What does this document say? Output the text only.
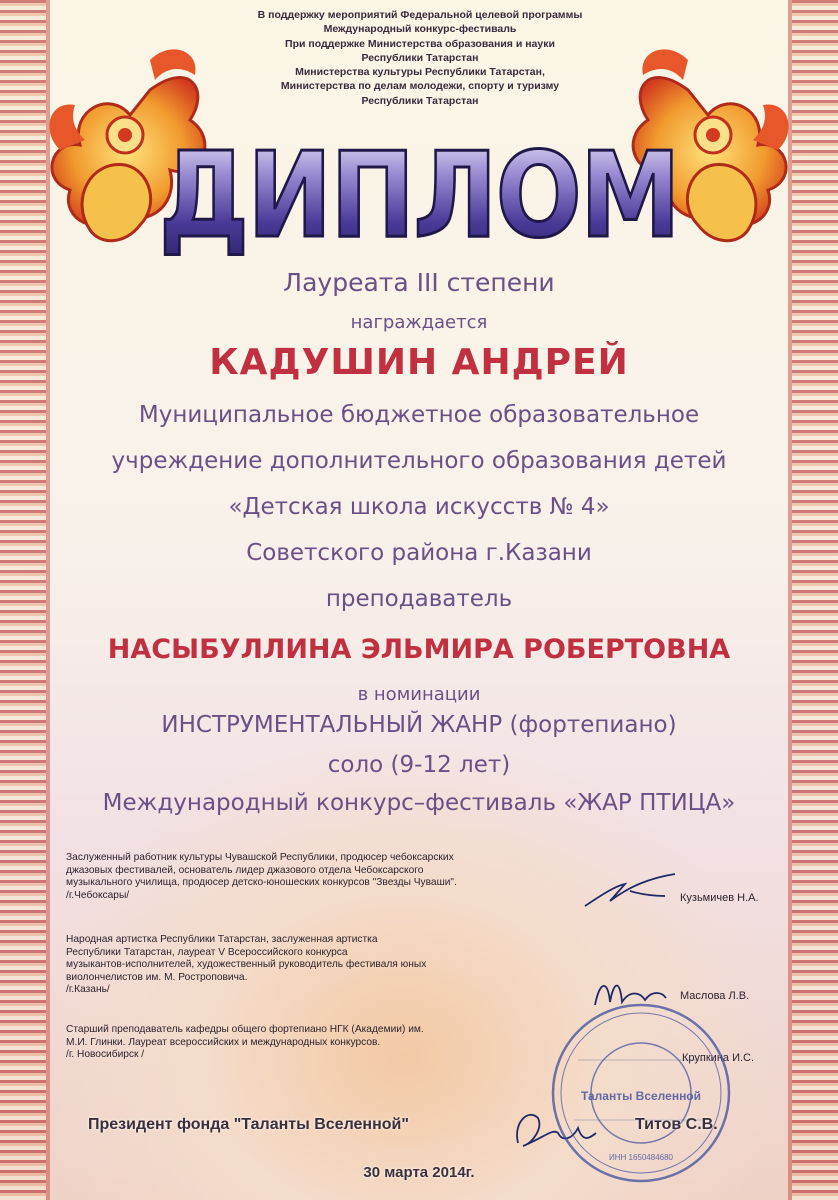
В поддержку мероприятий Федеральной целевой программы
Международный конкурс-фестиваль
При поддержке Министерства образования и науки
Республики Татарстан
Министерства культуры Республики Татарстан,
Министерства по делам молодежи, спорту и туризму
Республики Татарстан
ДИПЛОМ
Лауреата III степени
награждается
КАДУШИН АНДРЕЙ
Муниципальное бюджетное образовательное
учреждение дополнительного образования детей
«Детская школа искусств № 4»
Советского района г.Казани
преподаватель
НАСЫБУЛЛИНА ЭЛЬМИРА РОБЕРТОВНА
в номинации
ИНСТРУМЕНТАЛЬНЫЙ ЖАНР (фортепиано)
соло (9-12 лет)
Международный конкурс–фестиваль «ЖАР ПТИЦА»
Заслуженный работник культуры Чувашской Республики, продюсер чебоксарских
джазовых фестивалей, основатель лидер джазового отдела Чебоксарского
музыкального училища, продюсер детско-юношеских конкурсов "Звезды Чуваши".
/г.Чебоксары/	Кузьмичев Н.А.
Народная артистка Республики Татарстан, заслуженная артистка
Республики Татарстан, лауреат V Всероссийского конкурса
музыкантов-исполнителей, художественный руководитель фестиваля юных
виолончелистов им. М. Ростроповича.
/г.Казань/
Маслова Л.В.
Старший преподаватель кафедры общего фортепиано НГК (Академии) им.
М.И. Глинки. Лауреат всероссийских и международных конкурсов.
/г. Новосибирск /	Крупкина И.С.
Таланты Вселенной
ИНН 1650484680
Президент фонда "Таланты Вселенной"	Титов С.В.
30 марта 2014г.
